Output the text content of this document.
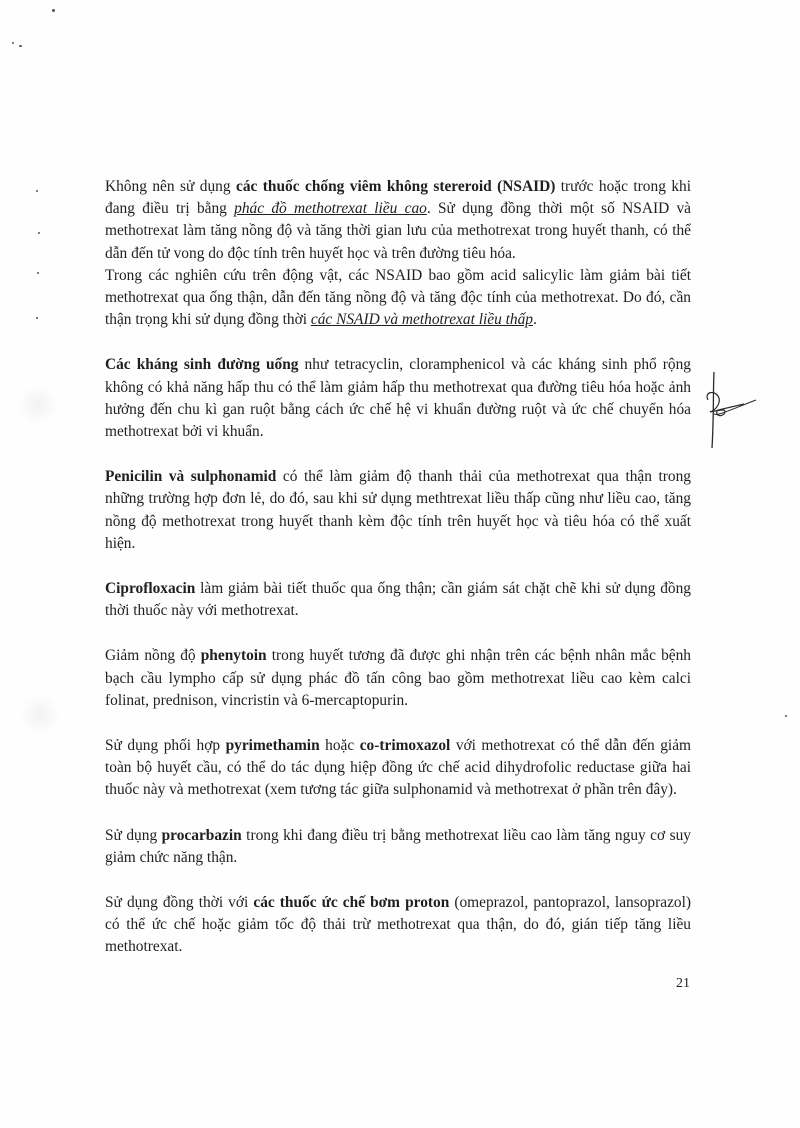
Không nên sử dụng các thuốc chống viêm không stereroid (NSAID) trước hoặc trong khi đang điều trị bằng phác đồ methotrexat liều cao. Sử dụng đồng thời một số NSAID và methotrexat làm tăng nồng độ và tăng thời gian lưu của methotrexat trong huyết thanh, có thể dẫn đến tử vong do độc tính trên huyết học và trên đường tiêu hóa.

Trong các nghiên cứu trên động vật, các NSAID bao gồm acid salicylic làm giảm bài tiết methotrexat qua ống thận, dẫn đến tăng nồng độ và tăng độc tính của methotrexat. Do đó, cần thận trọng khi sử dụng đồng thời các NSAID và methotrexat liều thấp.

Các kháng sinh đường uống như tetracyclin, cloramphenicol và các kháng sinh phổ rộng không có khả năng hấp thu có thể làm giảm hấp thu methotrexat qua đường tiêu hóa hoặc ảnh hưởng đến chu kì gan ruột bằng cách ức chế hệ vi khuẩn đường ruột và ức chế chuyển hóa methotrexat bởi vi khuẩn.

Penicilin và sulphonamid có thể làm giảm độ thanh thải của methotrexat qua thận trong những trường hợp đơn lẻ, do đó, sau khi sử dụng methtrexat liều thấp cũng như liều cao, tăng nồng độ methotrexat trong huyết thanh kèm độc tính trên huyết học và tiêu hóa có thể xuất hiện.

Ciprofloxacin làm giảm bài tiết thuốc qua ống thận; cần giám sát chặt chẽ khi sử dụng đồng thời thuốc này với methotrexat.

Giảm nồng độ phenytoin trong huyết tương đã được ghi nhận trên các bệnh nhân mắc bệnh bạch cầu lympho cấp sử dụng phác đồ tấn công bao gồm methotrexat liều cao kèm calci folinat, prednison, vincristin và 6-mercaptopurin.

Sử dụng phối hợp pyrimethamin hoặc co-trimoxazol với methotrexat có thể dẫn đến giảm toàn bộ huyết cầu, có thể do tác dụng hiệp đồng ức chế acid dihydrofolic reductase giữa hai thuốc này và methotrexat (xem tương tác giữa sulphonamid và methotrexat ở phần trên đây).

Sử dụng procarbazin trong khi đang điều trị bằng methotrexat liều cao làm tăng nguy cơ suy giảm chức năng thận.

Sử dụng đồng thời với các thuốc ức chế bơm proton (omeprazol, pantoprazol, lansoprazol) có thể ức chế hoặc giảm tốc độ thải trừ methotrexat qua thận, do đó, gián tiếp tăng liều methotrexat.

21
